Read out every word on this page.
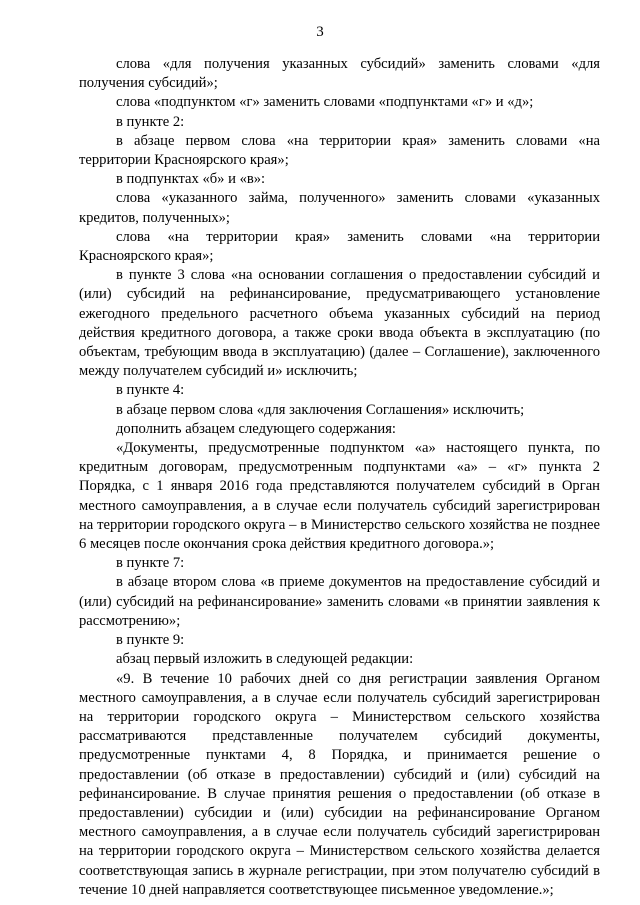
3

слова «для получения указанных субсидий» заменить словами «для получения субсидий»;

слова «подпунктом «г» заменить словами «подпунктами «г» и «д»;

в пункте 2:

в абзаце первом слова «на территории края» заменить словами «на территории Красноярского края»;

в подпунктах «б» и «в»:

слова «указанного займа, полученного» заменить словами «указанных кредитов, полученных»;

слова «на территории края» заменить словами «на территории Красноярского края»;

в пункте 3 слова «на основании соглашения о предоставлении субсидий и (или) субсидий на рефинансирование, предусматривающего установление ежегодного предельного расчетного объема указанных субсидий на период действия кредитного договора, а также сроки ввода объекта в эксплуатацию (по объектам, требующим ввода в эксплуатацию) (далее – Соглашение), заключенного между получателем субсидий и» исключить;

в пункте 4:

в абзаце первом слова «для заключения Соглашения» исключить;

дополнить абзацем следующего содержания:

«Документы, предусмотренные подпунктом «а» настоящего пункта, по кредитным договорам, предусмотренным подпунктами «а» – «г» пункта 2 Порядка, с 1 января 2016 года представляются получателем субсидий в Орган местного самоуправления, а в случае если получатель субсидий зарегистрирован на территории городского округа – в Министерство сельского хозяйства не позднее 6 месяцев после окончания срока действия кредитного договора.»;

в пункте 7:

в абзаце втором слова «в приеме документов на предоставление субсидий и (или) субсидий на рефинансирование» заменить словами «в принятии заявления к рассмотрению»;

в пункте 9:

абзац первый изложить в следующей редакции:

«9. В течение 10 рабочих дней со дня регистрации заявления Органом местного самоуправления, а в случае если получатель субсидий зарегистрирован на территории городского округа – Министерством сельского хозяйства рассматриваются представленные получателем субсидий документы, предусмотренные пунктами 4, 8 Порядка, и принимается решение о предоставлении (об отказе в предоставлении) субсидий и (или) субсидий на рефинансирование. В случае принятия решения о предоставлении (об отказе в предоставлении) субсидии и (или) субсидии на рефинансирование Органом местного самоуправления, а в случае если получатель субсидий зарегистрирован на территории городского округа – Министерством сельского хозяйства делается соответствующая запись в журнале регистрации, при этом получателю субсидий в течение 10 дней направляется соответствующее письменное уведомление.»;
